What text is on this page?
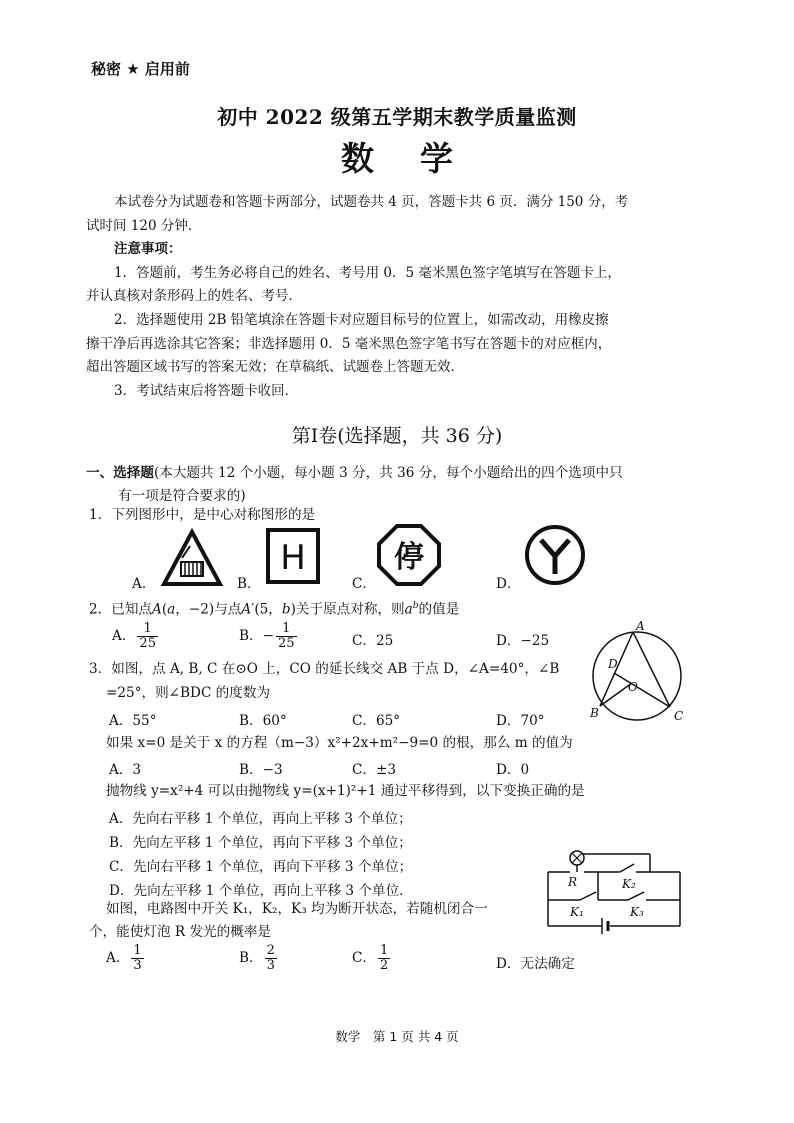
秘密 ★ 启用前
初中 2022 级第五学期末教学质量监测
数学

本试卷分为试题卷和答题卡两部分，试题卷共 4 页，答题卡共 6 页．满分 150 分，考

试时间 120 分钟．

注意事项：

1．答题前，考生务必将自己的姓名、考号用 0．5 毫米黑色签字笔填写在答题卡上，

并认真核对条形码上的姓名、考号．

2．选择题使用 2B 铅笔填涂在答题卡对应题目标号的位置上，如需改动，用橡皮擦

擦干净后再选涂其它答案；非选择题用 0．5 毫米黑色签字笔书写在答题卡的对应框内，

超出答题区域书写的答案无效；在草稿纸、试题卷上答题无效．

3．考试结束后将答题卡收回．

第Ⅰ卷(选择题，共 36 分)
一、选择题(本大题共 12 个小题，每小题 3 分，共 36 分，每个小题给出的四个选项中只
有一项是符合要求的)
1．下列图形中，是中心对称图形的是
A．	B．
H
C．
停
D．
2．已知点A(a，−2)与点A′(5，b)关于原点对称，则$a^b$的值是
A． $\frac{1}{25}$	B．− $\frac{1}{25}$	C．25	D．−25
3．如图，点 A, B, C 在⊙O 上，CO 的延长线交 AB 于点 D，∠A=40°，∠B
=25°，则∠BDC 的度数为
A．55°	B．60°	C．65°	D．70°
A
B	C
D
O
如果 x=0 是关于 x 的方程（m−3）x²+2x+m²−9=0 的根，那么 m 的值为
A．3	B．−3	C．±3	D．0
抛物线 y=x²+4 可以由抛物线 y=(x+1)²+1 通过平移得到，以下变换正确的是
A．先向右平移 1 个单位，再向上平移 3 个单位；
B．先向左平移 1 个单位，再向下平移 3 个单位；
C．先向右平移 1 个单位，再向下平移 3 个单位；
D．先向左平移 1 个单位，再向上平移 3 个单位．
R	K₂
K₁	K₃
如图，电路图中开关 K₁，K₂，K₃ 均为断开状态，若随机闭合一
个，能使灯泡 R 发光的概率是
A． $\frac{1}{3}$	B． $\frac{2}{3}$	C． $\frac{1}{2}$	D．无法确定
数学　第 1 页 共 4 页
